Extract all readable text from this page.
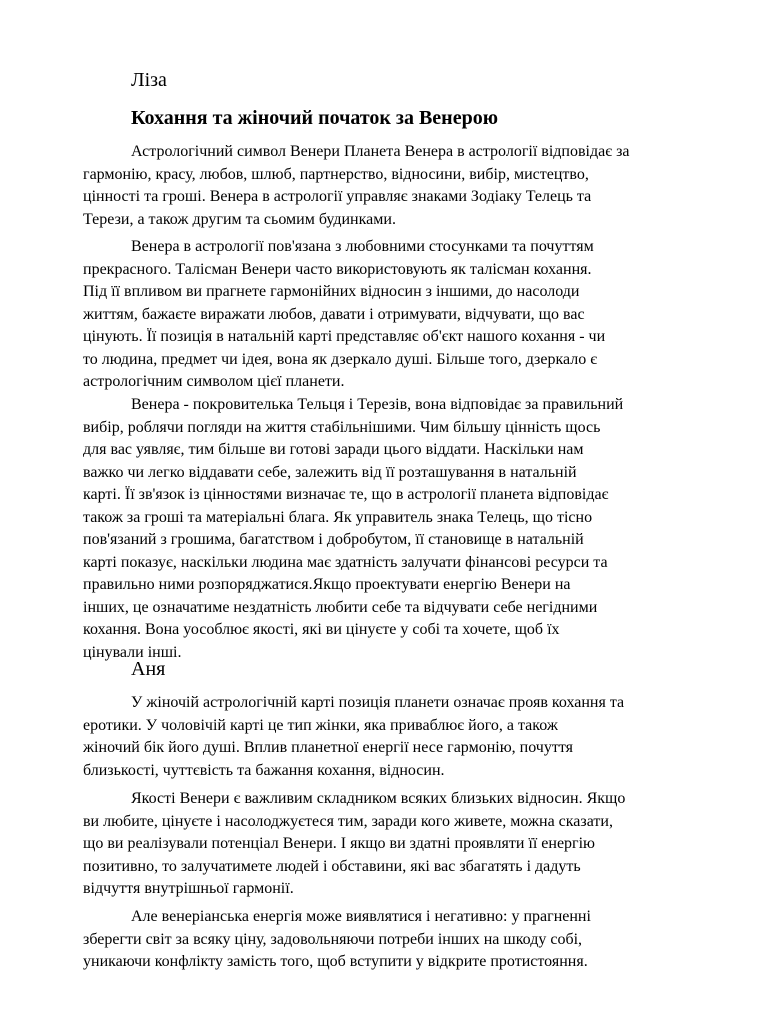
Ліза
Кохання та жіночий початок за Венерою
Астрологічний символ Венери Планета Венера в астрології відповідає за
гармонію, красу, любов, шлюб, партнерство, відносини, вибір, мистецтво,
цінності та гроші. Венера в астрології управляє знаками Зодіаку Телець та
Терези, а також другим та сьомим будинками.
Венера в астрології пов'язана з любовними стосунками та почуттям
прекрасного. Талісман Венери часто використовують як талісман кохання.
Під її впливом ви прагнете гармонійних відносин з іншими, до насолоди
життям, бажаєте виражати любов, давати і отримувати, відчувати, що вас
цінують. Її позиція в натальній карті представляє об'єкт нашого кохання - чи
то людина, предмет чи ідея, вона як дзеркало душі. Більше того, дзеркало є
астрологічним символом цієї планети.
Венера - покровителька Тельця і Терезів, вона відповідає за правильний
вибір, роблячи погляди на життя стабільнішими. Чим більшу цінність щось
для вас уявляє, тим більше ви готові заради цього віддати. Наскільки нам
важко чи легко віддавати себе, залежить від її розташування в натальній
карті. Її зв'язок із цінностями визначає те, що в астрології планета відповідає
також за гроші та матеріальні блага. Як управитель знака Телець, що тісно
пов'язаний з грошима, багатством і добробутом, її становище в натальній
карті показує, наскільки людина має здатність залучати фінансові ресурси та
правильно ними розпоряджатися.Якщо проектувати енергію Венери на
інших, це означатиме нездатність любити себе та відчувати себе негідними
кохання. Вона уособлює якості, які ви цінуєте у собі та хочете, щоб їх
цінували інші.
Аня
У жіночій астрологічній карті позиція планети означає прояв кохання та
еротики. У чоловічій карті це тип жінки, яка приваблює його, а також
жіночий бік його душі. Вплив планетної енергії несе гармонію, почуття
близькості, чуттєвість та бажання кохання, відносин.
Якості Венери є важливим складником всяких близьких відносин. Якщо
ви любите, цінуєте і насолоджуєтеся тим, заради кого живете, можна сказати,
що ви реалізували потенціал Венери. І якщо ви здатні проявляти її енергію
позитивно, то залучатимете людей і обставини, які вас збагатять і дадуть
відчуття внутрішньої гармонії.
Але венеріанська енергія може виявлятися і негативно: у прагненні
зберегти світ за всяку ціну, задовольняючи потреби інших на шкоду собі,
уникаючи конфлікту замість того, щоб вступити у відкрите протистояння.
